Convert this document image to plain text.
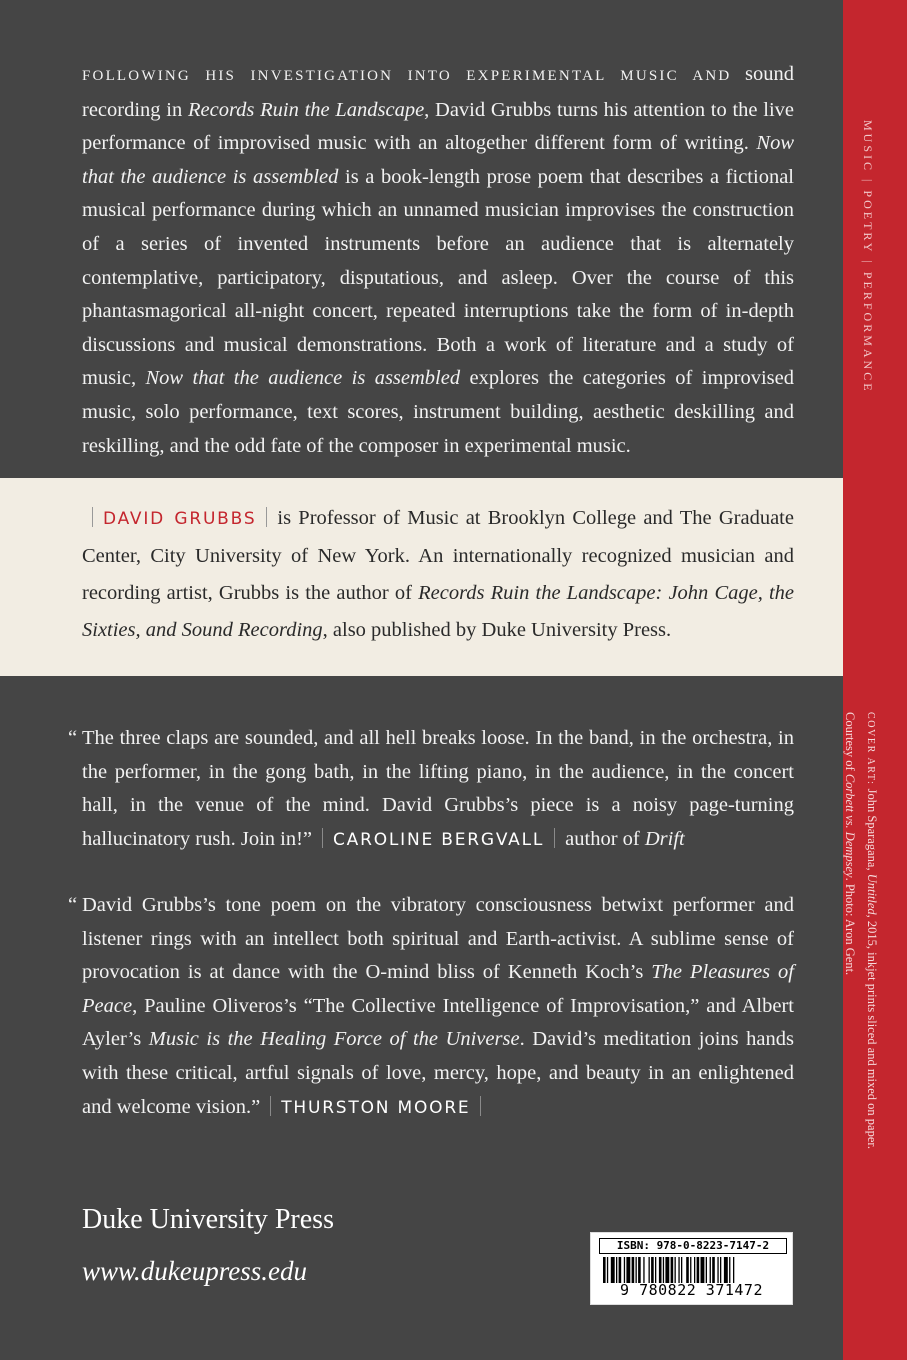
FOLLOWING HIS INVESTIGATION INTO EXPERIMENTAL MUSIC AND sound recording in Records Ruin the Landscape, David Grubbs turns his attention to the live performance of improvised music with an altogether different form of writing. Now that the audience is assembled is a book-length prose poem that describes a fictional musical performance during which an unnamed musician improvises the construction of a series of invented instruments before an audience that is alternately contemplative, participatory, disputatious, and asleep. Over the course of this phantasmagorical all-night concert, repeated interruptions take the form of in-depth discussions and musical demonstrations. Both a work of literature and a study of music, Now that the audience is assembled explores the categories of improvised music, solo performance, text scores, instrument building, aesthetic deskilling and reskilling, and the odd fate of the composer in experimental music.

DAVID GRUBBS is Professor of Music at Brooklyn College and The Graduate Center, City University of New York. An internationally recognized musician and recording artist, Grubbs is the author of Records Ruin the Landscape: John Cage, the Sixties, and Sound Recording, also published by Duke University Press.

“ The three claps are sounded, and all hell breaks loose. In the band, in the orchestra, in the performer, in the gong bath, in the lifting piano, in the audience, in the concert hall, in the venue of the mind. David Grubbs’s piece is a noisy page-turning hallucinatory rush. Join in!” CAROLINE BERGVALL author of Drift

“ David Grubbs’s tone poem on the vibratory consciousness betwixt performer and listener rings with an intellect both spiritual and Earth-activist. A sublime sense of provocation is at dance with the O-mind bliss of Kenneth Koch’s The Pleasures of Peace, Pauline Oliveros’s “The Collective Intelligence of Improvisation,” and Albert Ayler’s Music is the Healing Force of the Universe. David’s meditation joins hands with these critical, artful signals of love, mercy, hope, and beauty in an enlightened and welcome vision.” THURSTON MOORE

Duke University Press
www.dukeupress.edu
ISBN: 978-0-8223-7147-2
9 780822 371472
MUSIC|POETRY|PERFORMANCE
COVER ART: John Sparagana, Untitled, 2015, inkjet prints sliced and mixed on paper.
Courtesy of Corbett vs. Dempsey. Photo: Aron Gent.
